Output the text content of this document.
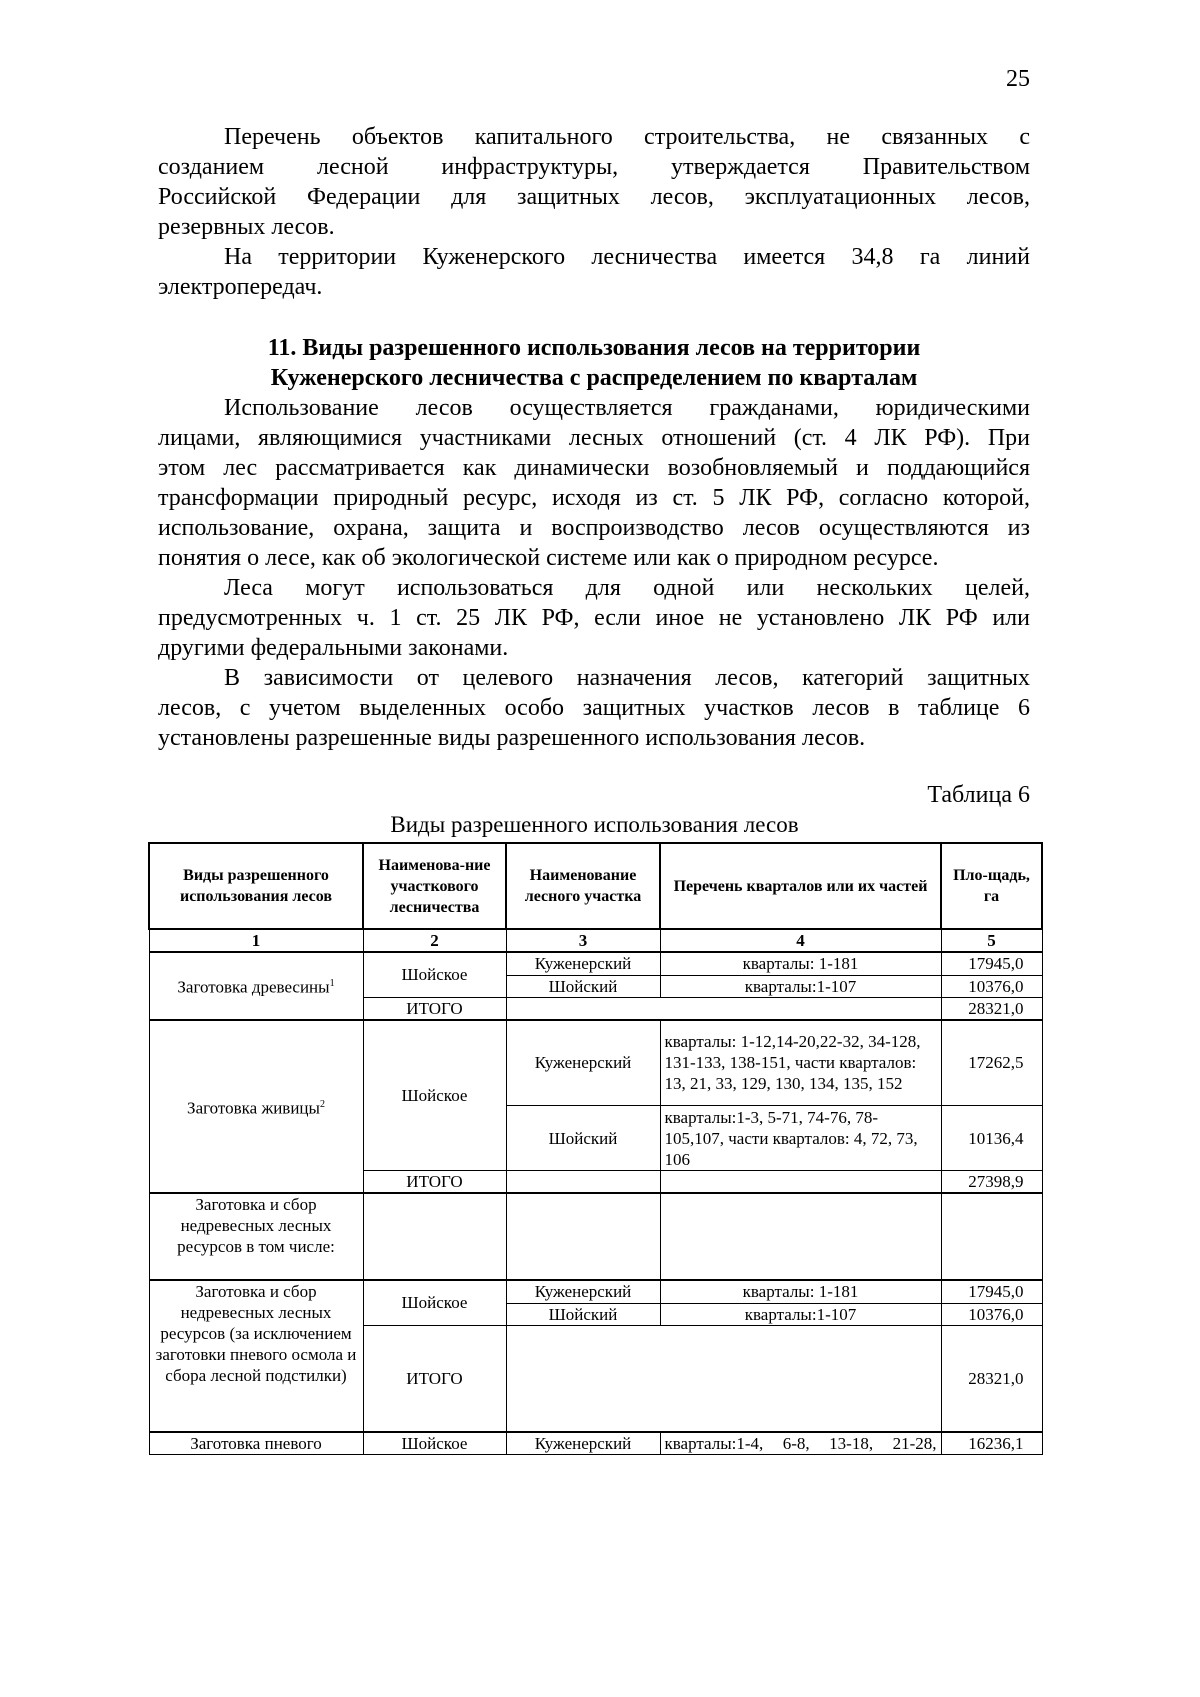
25
Перечень объектов капитального строительства, не связанных с
созданием лесной инфраструктуры, утверждается Правительством
Российской Федерации для защитных лесов, эксплуатационных лесов,
резервных лесов.
На территории Куженерского лесничества имеется 34,8 га линий
электропередач.
11. Виды разрешенного использования лесов на территории
Куженерского лесничества с распределением по кварталам
Использование лесов осуществляется гражданами, юридическими
лицами, являющимися участниками лесных отношений (ст. 4 ЛК РФ). При
этом лес рассматривается как динамически возобновляемый и поддающийся
трансформации природный ресурс, исходя из ст. 5 ЛК РФ, согласно которой,
использование, охрана, защита и воспроизводство лесов осуществляются из
понятия о лесе, как об экологической системе или как о природном ресурсе.
Леса могут использоваться для одной или нескольких целей,
предусмотренных ч. 1 ст. 25 ЛК РФ, если иное не установлено ЛК РФ или
другими федеральными законами.
В зависимости от целевого назначения лесов, категорий защитных
лесов, с учетом выделенных особо защитных участков лесов в таблице 6
установлены разрешенные виды разрешенного использования лесов.
Таблица 6
Виды разрешенного использования лесов
Виды разрешенного использования лесов	Наименова-ние участкового лесничества	Наименование лесного участка	Перечень кварталов или их частей	Пло-щадь, га
1	2	3	4	5
Заготовка древесины$^1$	Шойское	Куженерский	кварталы: 1-181	17945,0
		Шойский	кварталы:1-107	10376,0
	ИТОГО			28321,0
Заготовка живицы$^2$	Шойское	Куженерский	кварталы: 1-12,14-20,22-32, 34-128, 131-133, 138-151, части кварталов: 13, 21, 33, 129, 130, 134, 135, 152	17262,5
		Шойский	кварталы:1-3, 5-71, 74-76, 78-105,107, части кварталов: 4, 72, 73, 106	10136,4
	ИТОГО			27398,9
Заготовка и сбор недревесных лесных ресурсов в том числе:				
Заготовка и сбор недревесных лесных ресурсов (за исключением заготовки пневого осмола и сбора лесной подстилки)	Шойское	Куженерский	кварталы: 1-181	17945,0
		Шойский	кварталы:1-107	10376,0
	ИТОГО			28321,0
Заготовка пневого	Шойское	Куженерский	кварталы:1-4, 6-8, 13-18, 21-28,	16236,1
